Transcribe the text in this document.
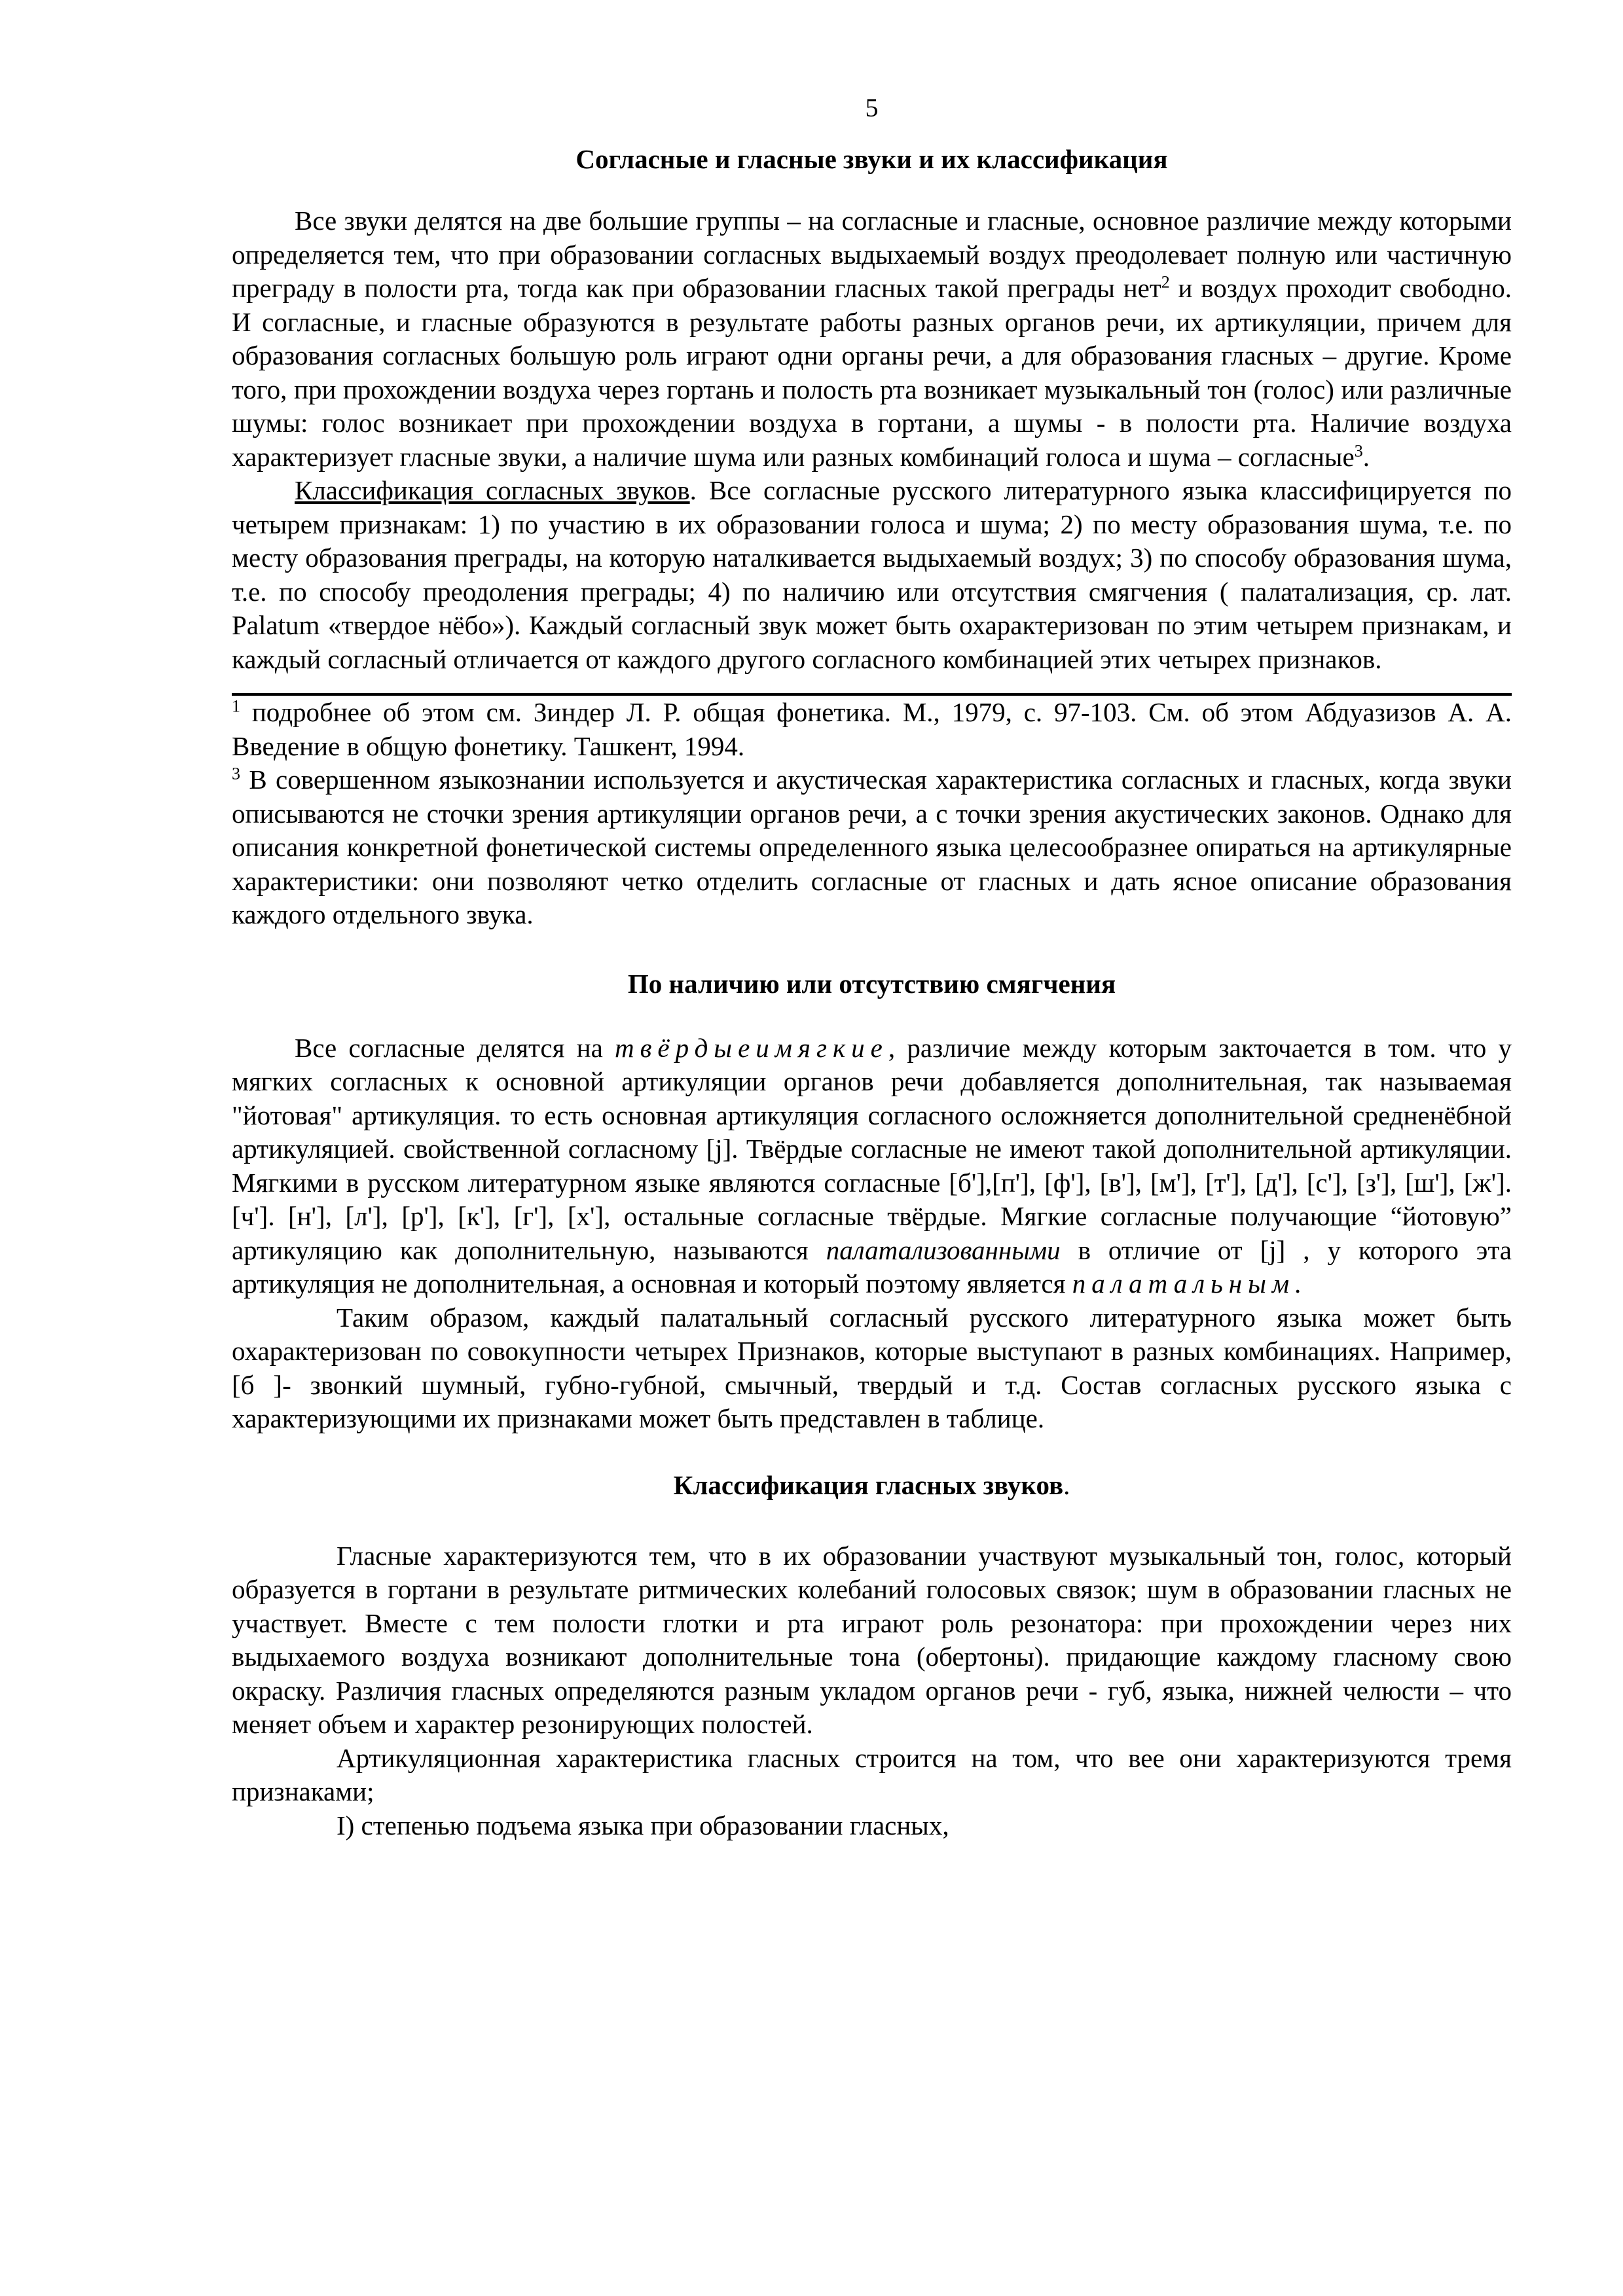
5
Согласные и гласные звуки и их классификация

Все звуки делятся на две большие группы – на согласные и гласные, основное различие между которыми определяется тем, что при образовании согласных выдыхаемый воздух преодолевает полную или частичную преграду в полости рта, тогда как при образовании гласных такой преграды нет$^2$ и воздух проходит свободно. И согласные, и гласные образуются в результате работы разных органов речи, их артикуляции, причем для образования согласных большую роль играют одни органы речи, а для образования гласных – другие. Кроме того, при прохождении воздуха через гортань и полость рта возникает музыкальный тон (голос) или различные шумы: голос возникает при прохождении воздуха в гортани, а шумы - в полости рта. Наличие воздуха характеризует гласные звуки, а наличие шума или разных комбинаций голоса и шума – согласные$^3$.

Классификация согласных звуков. Все согласные русского литературного языка классифицируется по четырем признакам: 1) по участию в их образовании голоса и шума; 2) по месту образования шума, т.е. по месту образования преграды, на которую наталкивается выдыхаемый воздух; 3) по способу образования шума, т.е. по способу преодоления преграды; 4) по наличию или отсутствия смягчения ( палатализация, ср. лат. Palatum «твердое нёбо»). Каждый согласный звук может быть охарактеризован по этим четырем признакам, и каждый согласный отличается от каждого другого согласного комбинацией этих четырех признаков.

$^1$ подробнее об этом см. Зиндер Л. Р. общая фонетика. М., 1979, с. 97-103. См. об этом Абдуазизов А. А. Введение в общую фонетику. Ташкент, 1994.

$^3$ В совершенном языкознании используется и акустическая характеристика согласных и гласных, когда звуки описываются не сточки зрения артикуляции органов речи, а с точки зрения акустических законов. Однако для описания конкретной фонетической системы определенного языка целесообразнее опираться на артикулярные характеристики: они позволяют четко отделить согласные от гласных и дать ясное описание образования каждого отдельного звука.

По наличию или отсутствию смягчения

Все согласные делятся на твёрдыеимягкие, различие между которым закточается в том. что у мягких согласных к основной артикуляции органов речи добавляется дополнительная, так называемая "йотовая" артикуляция. то есть основная артикуляция согласного осложняется дополнительной средненёбной артикуляцией. свойственной согласному [j]. Твёрдые согласные не имеют такой дополнительной артикуляции. Мягкими в русском литературном языке являются согласные [б'],[п'], [ф'], [в'], [м'], [т'], [д'], [с'], [з'], [ш'], [ж']. [ч']. [н'], [л'], [р'], [к'], [г'], [х'], остальные согласные твёрдые. Мягкие согласные получающие “йотовую” артикуляцию как дополнительную, называются палатализованными в отличие от [j] , у которого эта артикуляция не дополнительная, а основная и который поэтому является палатальным.

Таким образом, каждый палатальный согласный русского литературного языка может быть охарактеризован по совокупности четырех Признаков, которые выступают в разных комбинациях. Например, [б ]- звонкий шумный, губно-губной, смычный, твердый и т.д. Состав согласных русского языка с характеризующими их признаками может быть представлен в таблице.

Классификация гласных звуков.

Гласные характеризуются тем, что в их образовании участвуют музыкальный тон, голос, который образуется в гортани в результате ритмических колебаний голосовых связок; шум в образовании гласных не участвует. Вместе с тем полости глотки и рта играют роль резонатора: при прохождении через них выдыхаемого воздуха возникают дополнительные тона (обертоны). придающие каждому гласному свою окраску. Различия гласных определяются разным укладом органов речи - губ, языка, нижней челюсти – что меняет объем и характер резонирующих полостей.

Артикуляционная характеристика гласных строится на том, что вее они характеризуются тремя признаками;

I) степенью подъема языка при образовании гласных,
